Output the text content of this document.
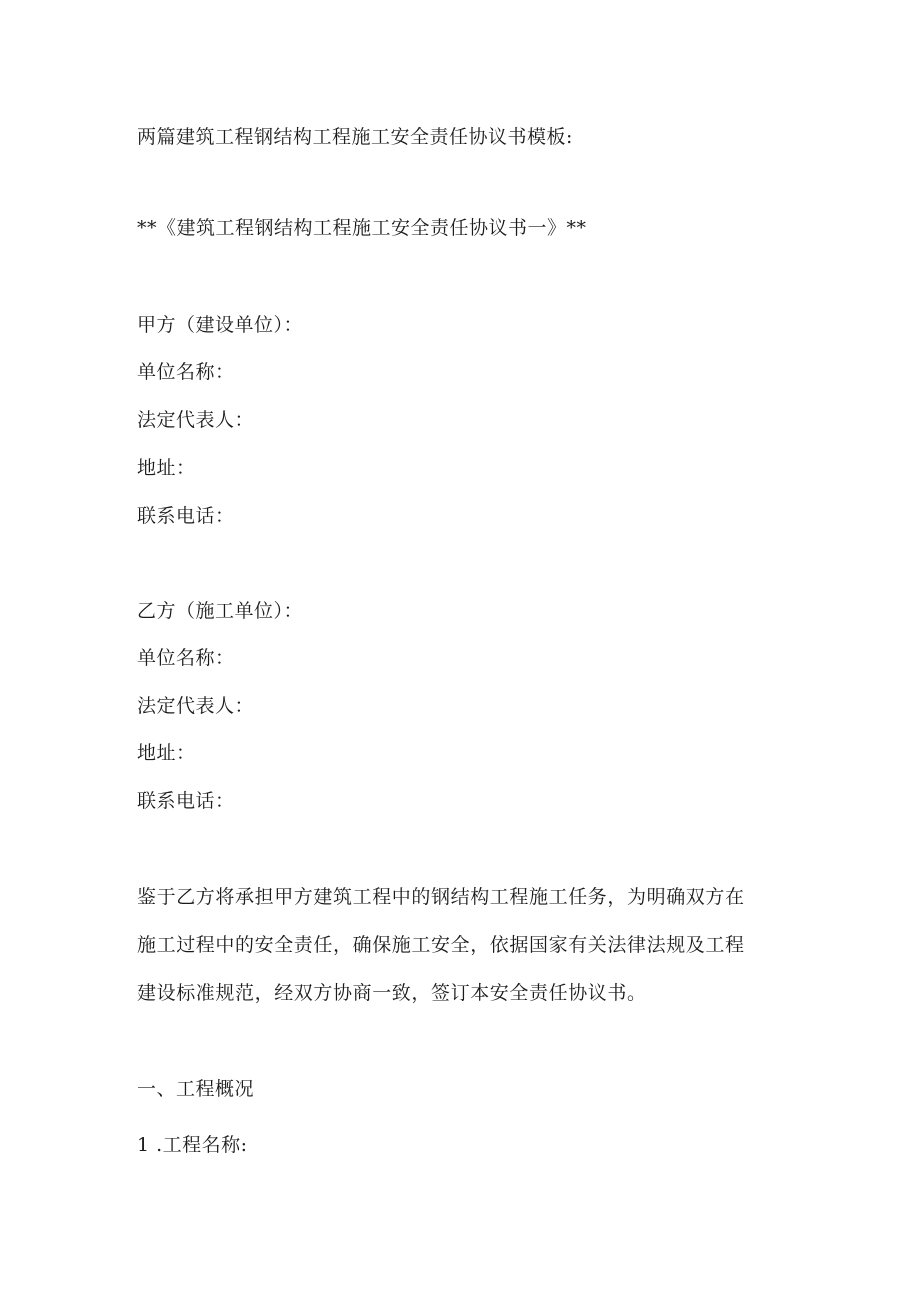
两篇建筑工程钢结构工程施工安全责任协议书模板:
**《建筑工程钢结构工程施工安全责任协议书一》**
甲方（建设单位）：
单位名称：
法定代表人：
地址：
联系电话：
乙方（施工单位）：
单位名称：
法定代表人：
地址：
联系电话：
鉴于乙方将承担甲方建筑工程中的钢结构工程施工任务，为明确双方在
施工过程中的安全责任，确保施工安全，依据国家有关法律法规及工程
建设标准规范，经双方协商一致，签订本安全责任协议书。
一、工程概况
1 .工程名称:
